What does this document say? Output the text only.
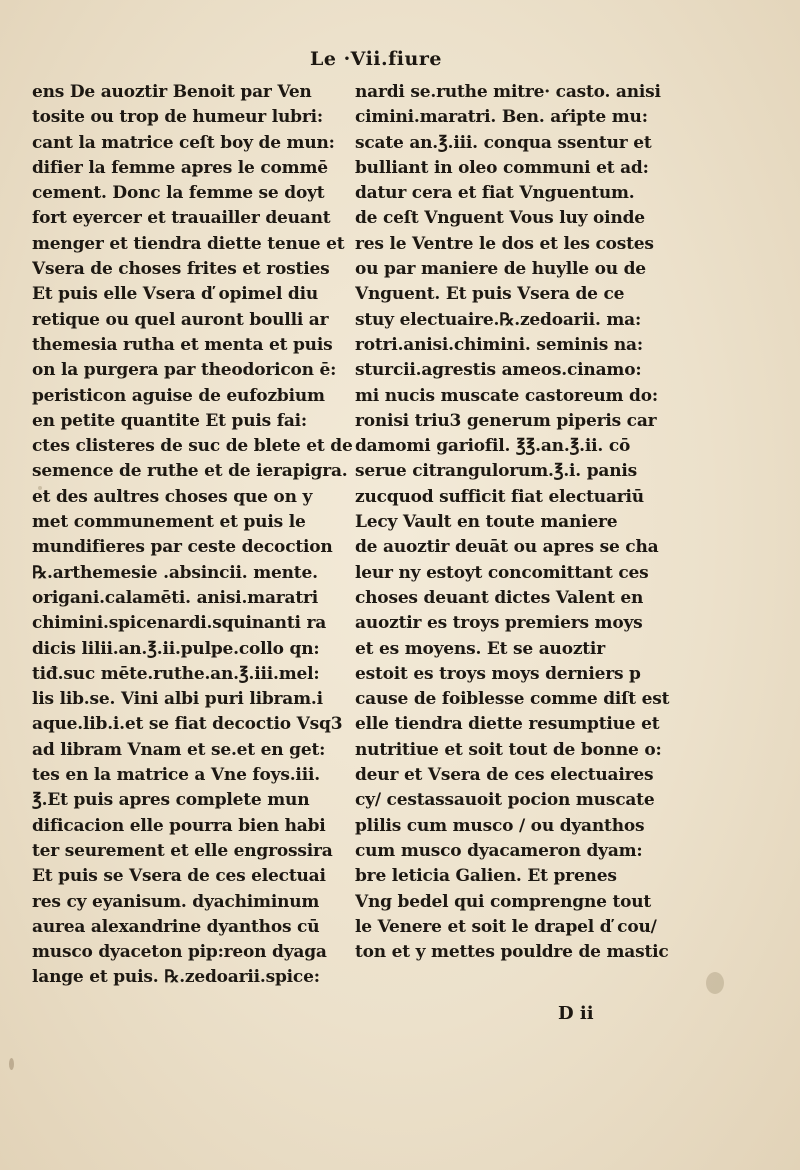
Le ·Vii.fiure
ens De auoztir Benoit par Ven
tosite ou trop de humeur lubri:
cant la matrice ceſt boy de mun:
difier la femme apres le commē
cement. Donc la femme se doyt
fort eyercer et trauailler deuant
menger et tiendra diette tenue et
Vsera de choses frites et rosties
Et puis elle Vsera ď opimel diu
retique ou quel auront boulli ar
themesia rutha et menta et puis
on la purgera par theodoricon ē:
peristicon aguise de eufozbium
en petite quantite Et puis fai:
ctes clisteres de suc de blete et de
semence de ruthe et de ierapigra.
et des aultres choses que on y
met communement et puis le
mundifieres par ceste decoction
℞.arthemesie .absincii. mente.
origani.calamēti. anisi.maratri
chimini.spicenardi.squinanti ra
dicis lilii.an.℥.ii.pulpe.collo qn:
tiđ.suc mēte.ruthe.an.℥.iii.mel:
lis lib.se. Vini albi puri libram.i
aque.lib.i.et se fiat decoctio Vsq3
ad libram Vnam et se.et en get:
tes en la matrice a Vne foys.iii.
℥.Et puis apres complete mun
dificacion elle pourra bien habi
ter seurement et elle engrossira
Et puis se Vsera de ces electuai
res cy eyanisum. dyachiminum
aurea alexandrine dyanthos cū
musco dyaceton pip:reon dyaga
lange et puis. ℞.zedoarii.spice:
nardi se.ruthe mitre· casto. anisi
cimini.maratri. Ben. aŕipte mu:
scate an.℥.iii. conqua ssentur et
bulliant in oleo communi et ad:
datur cera et fiat Vnguentum.
de ceſt Vnguent Vous luy oinde
res le Ventre le dos et les costes
ou par maniere de huylle ou de
Vnguent. Et puis Vsera de ce
stuy electuaire.℞.zedoarii. ma:
rotri.anisi.chimini. seminis na:
sturcii.agrestis ameos.cinamo:
mi nucis muscate castoreum do:
ronisi triu3 generum piperis car
damomi gariofil. ℥℥.an.℥.ii. cō
serue citrangulorum.℥.i. panis
zucquod sufficit fiat electuariū
Lecy Vault en toute maniere
de auoztir deuāt ou apres se cha
leur ny estoyt concomittant ces
choses deuant dictes Valent en
auoztir es troys premiers moys
et es moyens. Et se auoztir
estoit es troys moys derniers p
cause de foiblesse comme diſt est
elle tiendra diette resumptiue et
nutritiue et soit tout de bonne o:
deur et Vsera de ces electuaires
cy/ cestassauoit pocion muscate
plilis cum musco / ou dyanthos
cum musco dyacameron dyam:
bre leticia Galien. Et prenes
Vng bedel qui comprengne tout
le Venere et soit le drapel ď cou/
ton et y mettes pouldre de mastic
D ii
